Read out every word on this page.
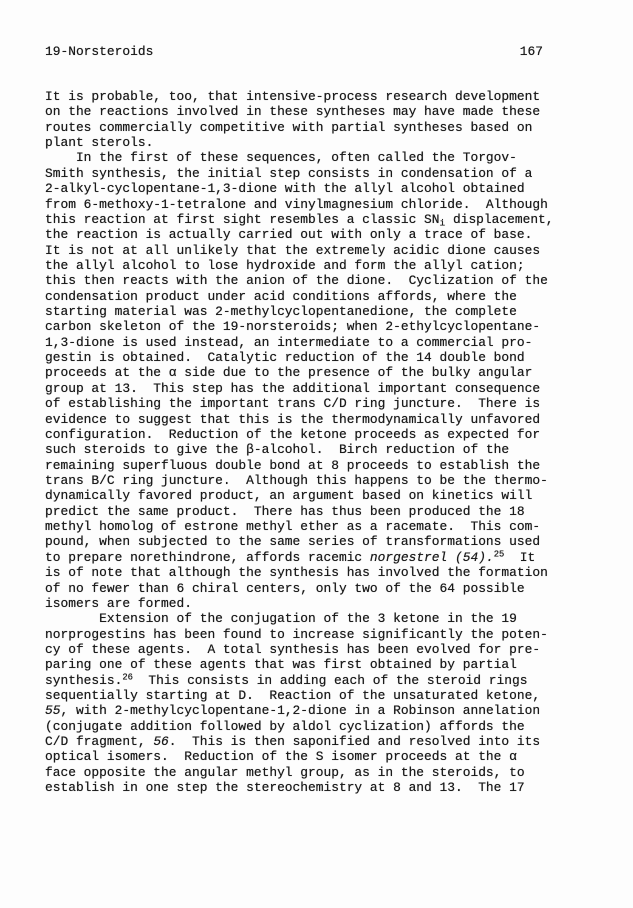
19-Norsteroids	167
It is probable, too, that intensive-process research development
on the reactions involved in these syntheses may have made these
routes commercially competitive with partial syntheses based on
plant sterols.
In the first of these sequences, often called the Torgov-
Smith synthesis, the initial step consists in condensation of a
2-alkyl-cyclopentane-1,3-dione with the allyl alcohol obtained
from 6-methoxy-1-tetralone and vinylmagnesium chloride.  Although
this reaction at first sight resembles a classic $SN_i$ displacement,
the reaction is actually carried out with only a trace of base.
It is not at all unlikely that the extremely acidic dione causes
the allyl alcohol to lose hydroxide and form the allyl cation;
this then reacts with the anion of the dione.  Cyclization of the
condensation product under acid conditions affords, where the
starting material was 2-methylcyclopentanedione, the complete
carbon skeleton of the 19-norsteroids; when 2-ethylcyclopentane-
1,3-dione is used instead, an intermediate to a commercial pro-
gestin is obtained.  Catalytic reduction of the 14 double bond
proceeds at the α side due to the presence of the bulky angular
group at 13.  This step has the additional important consequence
of establishing the important trans C/D ring juncture.  There is
evidence to suggest that this is the thermodynamically unfavored
configuration.  Reduction of the ketone proceeds as expected for
such steroids to give the β-alcohol.  Birch reduction of the
remaining superfluous double bond at 8 proceeds to establish the
trans B/C ring juncture.  Although this happens to be the thermo-
dynamically favored product, an argument based on kinetics will
predict the same product.  There has thus been produced the 18
methyl homolog of estrone methyl ether as a racemate.  This com-
pound, when subjected to the same series of transformations used
to prepare norethindrone, affords racemic norgestrel (54).$^{25}$  It
is of note that although the synthesis has involved the formation
of no fewer than 6 chiral centers, only two of the 64 possible
isomers are formed.
Extension of the conjugation of the 3 ketone in the 19
norprogestins has been found to increase significantly the poten-
cy of these agents.  A total synthesis has been evolved for pre-
paring one of these agents that was first obtained by partial
synthesis.$^{26}$  This consists in adding each of the steroid rings
sequentially starting at D.  Reaction of the unsaturated ketone,
55, with 2-methylcyclopentane-1,2-dione in a Robinson annelation
(conjugate addition followed by aldol cyclization) affords the
C/D fragment, 56.  This is then saponified and resolved into its
optical isomers.  Reduction of the S isomer proceeds at the α
face opposite the angular methyl group, as in the steroids, to
establish in one step the stereochemistry at 8 and 13.  The 17
